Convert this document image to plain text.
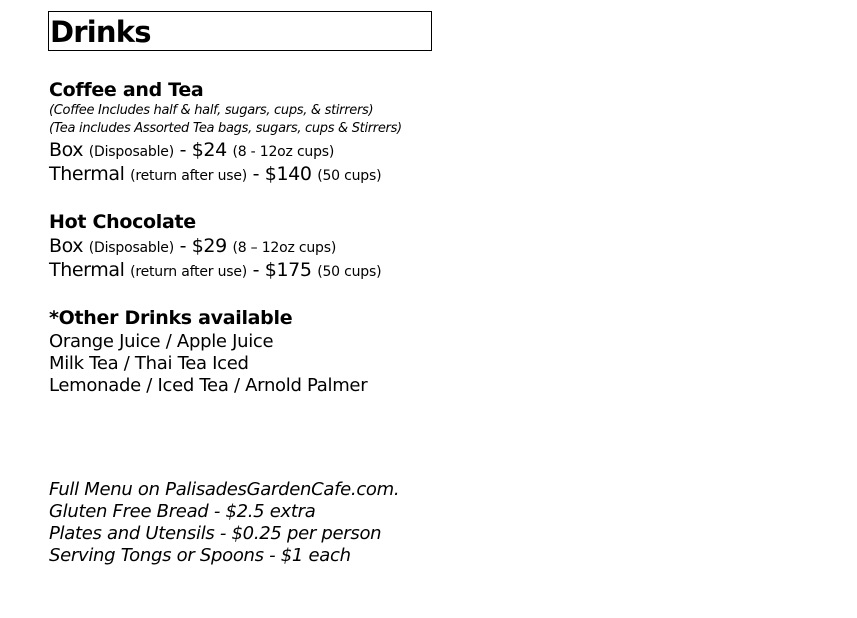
Drinks
Coffee and Tea
(Coffee Includes half & half, sugars, cups, & stirrers)
(Tea includes Assorted Tea bags, sugars, cups & Stirrers)
Box (Disposable) - $24 (8 - 12oz cups)
Thermal (return after use) - $140 (50 cups)
Hot Chocolate
Box (Disposable) - $29 (8 – 12oz cups)
Thermal (return after use) - $175 (50 cups)
*Other Drinks available
Orange Juice / Apple Juice
Milk Tea / Thai Tea Iced
Lemonade / Iced Tea / Arnold Palmer
Full Menu on PalisadesGardenCafe.com.
Gluten Free Bread - $2.5 extra
Plates and Utensils - $0.25 per person
Serving Tongs or Spoons - $1 each
